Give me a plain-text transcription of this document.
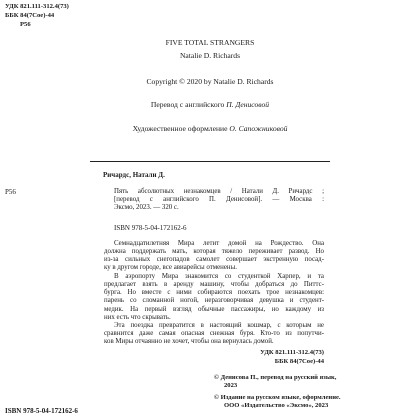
УДК 821.111-312.4(73)
ББК 84(7Сое)-44
Р56
FIVE TOTAL STRANGERS
Natalie D. Richards
Copyright © 2020 by Natalie D. Richards
Перевод с английского П. Денисовой
Художественное оформление О. Сапожниковой
Ричардс, Натали Д.
Р56	Пять абсолютных незнакомцев / Натали Д. Ричардс ;
[перевод с английского П. Денисовой]. — Москва :
Эксмо, 2023. — 320 с.
ISBN 978-5-04-172162-6
Семнадцатилетняя Мира летит домой на Рождество. Она
должна поддержать мать, которая тяжело переживает развод. Но
из-за сильных снегопадов самолет совершает экстренную посад-
ку в другом городе, все авиарейсы отменены.
В аэропорту Мира знакомится со студенткой Харпер, и та
предлагает взять в аренду машину, чтобы добраться до Питтс-
бурга. Но вместе с ними собираются поехать трое незнакомцев:
парень со сломанной ногой, неразговорчивая девушка и студент-
медик. На первый взгляд обычные пассажиры, но каждому из
них есть что скрывать.
Эта поездка превратится в настоящий кошмар, с которым не
сравнится даже самая опасная снежная буря. Кто-то из попутчи-
ков Миры отчаянно не хочет, чтобы она вернулась домой.
УДК 821.111-312.4(73)
ББК 84(7Сое)-44
© Денисова П., перевод на русский язык,
2023
© Издание на русском языке, оформление.
ООО «Издательство «Эксмо», 2023
ISBN 978-5-04-172162-6
